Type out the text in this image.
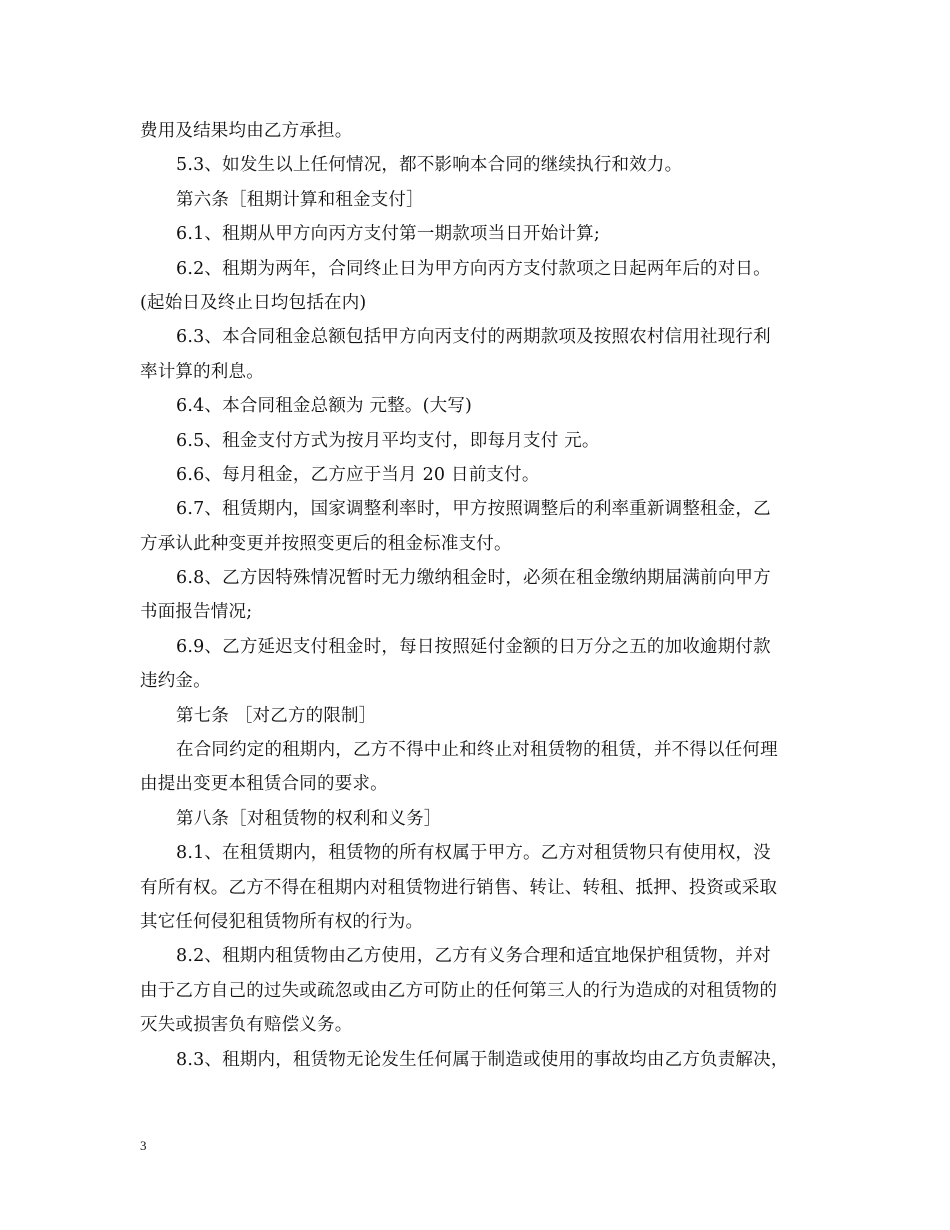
费用及结果均由乙方承担。
5.3、如发生以上任何情况，都不影响本合同的继续执行和效力。
第六条［租期计算和租金支付］
6.1、租期从甲方向丙方支付第一期款项当日开始计算;
6.2、租期为两年，合同终止日为甲方向丙方支付款项之日起两年后的对日。
(起始日及终止日均包括在内)
6.3、本合同租金总额包括甲方向丙支付的两期款项及按照农村信用社现行利
率计算的利息。
6.4、本合同租金总额为 元整。(大写)
6.5、租金支付方式为按月平均支付，即每月支付 元。
6.6、每月租金，乙方应于当月 20 日前支付。
6.7、租赁期内，国家调整利率时，甲方按照调整后的利率重新调整租金，乙
方承认此种变更并按照变更后的租金标准支付。
6.8、乙方因特殊情况暂时无力缴纳租金时，必须在租金缴纳期届满前向甲方
书面报告情况;
6.9、乙方延迟支付租金时，每日按照延付金额的日万分之五的加收逾期付款
违约金。
第七条 ［对乙方的限制］
在合同约定的租期内，乙方不得中止和终止对租赁物的租赁，并不得以任何理
由提出变更本租赁合同的要求。
第八条［对租赁物的权利和义务］
8.1、在租赁期内，租赁物的所有权属于甲方。乙方对租赁物只有使用权，没
有所有权。乙方不得在租期内对租赁物进行销售、转让、转租、抵押、投资或采取
其它任何侵犯租赁物所有权的行为。
8.2、租期内租赁物由乙方使用，乙方有义务合理和适宜地保护租赁物，并对
由于乙方自己的过失或疏忽或由乙方可防止的任何第三人的行为造成的对租赁物的
灭失或损害负有赔偿义务。
8.3、租期内，租赁物无论发生任何属于制造或使用的事故均由乙方负责解决，
3
